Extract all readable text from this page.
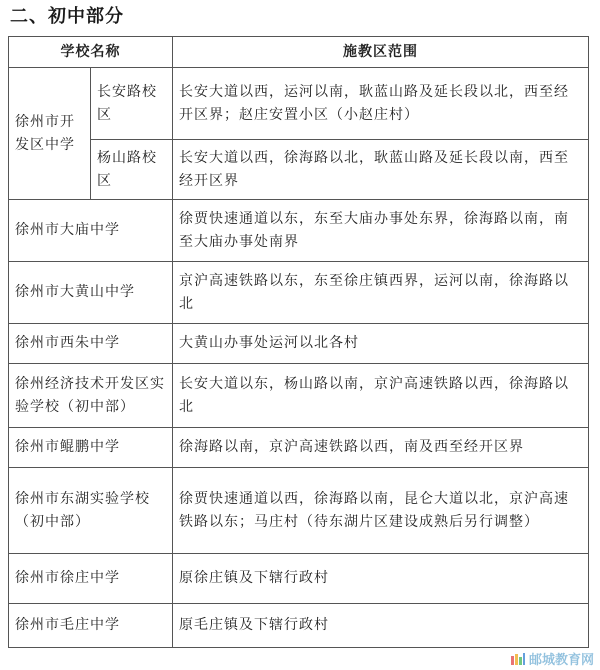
二、初中部分
学校名称		施教区范围
徐州市开发区中学	长安路校区	长安大道以西，运河以南，耿蓝山路及延长段以北，西至经开区界；赵庄安置小区（小赵庄村）
	杨山路校区	长安大道以西，徐海路以北，耿蓝山路及延长段以南，西至经开区界
徐州市大庙中学		徐贾快速通道以东，东至大庙办事处东界，徐海路以南，南至大庙办事处南界
徐州市大黄山中学		京沪高速铁路以东，东至徐庄镇西界，运河以南，徐海路以北
徐州市西朱中学		大黄山办事处运河以北各村
徐州经济技术开发区实验学校（初中部）		长安大道以东，杨山路以南，京沪高速铁路以西，徐海路以北
徐州市鲲鹏中学		徐海路以南，京沪高速铁路以西，南及西至经开区界
徐州市东湖实验学校（初中部）		徐贾快速通道以西，徐海路以南，昆仑大道以北，京沪高速铁路以东；马庄村（待东湖片区建设成熟后另行调整）
徐州市徐庄中学		原徐庄镇及下辖行政村
徐州市毛庄中学		原毛庄镇及下辖行政村
邮城教育网
